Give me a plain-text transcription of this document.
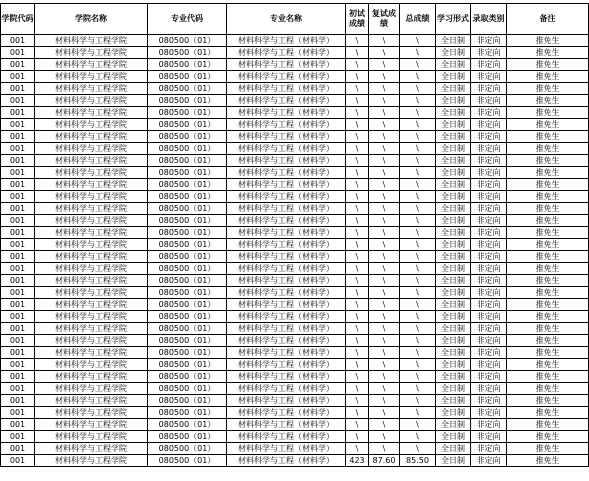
学院代码	学院名称	专业代码	专业名称	初试成绩	复试成绩	总成绩	学习形式	录取类别	备注
001	材料科学与工程学院	080500（01）	材料科学与工程（材料学）	\	\	\	全日制	非定向	推免生
001	材料科学与工程学院	080500（01）	材料科学与工程（材料学）	\	\	\	全日制	非定向	推免生
001	材料科学与工程学院	080500（01）	材料科学与工程（材料学）	\	\	\	全日制	非定向	推免生
001	材料科学与工程学院	080500（01）	材料科学与工程（材料学）	\	\	\	全日制	非定向	推免生
001	材料科学与工程学院	080500（01）	材料科学与工程（材料学）	\	\	\	全日制	非定向	推免生
001	材料科学与工程学院	080500（01）	材料科学与工程（材料学）	\	\	\	全日制	非定向	推免生
001	材料科学与工程学院	080500（01）	材料科学与工程（材料学）	\	\	\	全日制	非定向	推免生
001	材料科学与工程学院	080500（01）	材料科学与工程（材料学）	\	\	\	全日制	非定向	推免生
001	材料科学与工程学院	080500（01）	材料科学与工程（材料学）	\	\	\	全日制	非定向	推免生
001	材料科学与工程学院	080500（01）	材料科学与工程（材料学）	\	\	\	全日制	非定向	推免生
001	材料科学与工程学院	080500（01）	材料科学与工程（材料学）	\	\	\	全日制	非定向	推免生
001	材料科学与工程学院	080500（01）	材料科学与工程（材料学）	\	\	\	全日制	非定向	推免生
001	材料科学与工程学院	080500（01）	材料科学与工程（材料学）	\	\	\	全日制	非定向	推免生
001	材料科学与工程学院	080500（01）	材料科学与工程（材料学）	\	\	\	全日制	非定向	推免生
001	材料科学与工程学院	080500（01）	材料科学与工程（材料学）	\	\	\	全日制	非定向	推免生
001	材料科学与工程学院	080500（01）	材料科学与工程（材料学）	\	\	\	全日制	非定向	推免生
001	材料科学与工程学院	080500（01）	材料科学与工程（材料学）	\	\	\	全日制	非定向	推免生
001	材料科学与工程学院	080500（01）	材料科学与工程（材料学）	\	\	\	全日制	非定向	推免生
001	材料科学与工程学院	080500（01）	材料科学与工程（材料学）	\	\	\	全日制	非定向	推免生
001	材料科学与工程学院	080500（01）	材料科学与工程（材料学）	\	\	\	全日制	非定向	推免生
001	材料科学与工程学院	080500（01）	材料科学与工程（材料学）	\	\	\	全日制	非定向	推免生
001	材料科学与工程学院	080500（01）	材料科学与工程（材料学）	\	\	\	全日制	非定向	推免生
001	材料科学与工程学院	080500（01）	材料科学与工程（材料学）	\	\	\	全日制	非定向	推免生
001	材料科学与工程学院	080500（01）	材料科学与工程（材料学）	\	\	\	全日制	非定向	推免生
001	材料科学与工程学院	080500（01）	材料科学与工程（材料学）	\	\	\	全日制	非定向	推免生
001	材料科学与工程学院	080500（01）	材料科学与工程（材料学）	\	\	\	全日制	非定向	推免生
001	材料科学与工程学院	080500（01）	材料科学与工程（材料学）	\	\	\	全日制	非定向	推免生
001	材料科学与工程学院	080500（01）	材料科学与工程（材料学）	\	\	\	全日制	非定向	推免生
001	材料科学与工程学院	080500（01）	材料科学与工程（材料学）	\	\	\	全日制	非定向	推免生
001	材料科学与工程学院	080500（01）	材料科学与工程（材料学）	\	\	\	全日制	非定向	推免生
001	材料科学与工程学院	080500（01）	材料科学与工程（材料学）	\	\	\	全日制	非定向	推免生
001	材料科学与工程学院	080500（01）	材料科学与工程（材料学）	\	\	\	全日制	非定向	推免生
001	材料科学与工程学院	080500（01）	材料科学与工程（材料学）	\	\	\	全日制	非定向	推免生
001	材料科学与工程学院	080500（01）	材料科学与工程（材料学）	\	\	\	全日制	非定向	推免生
001	材料科学与工程学院	080500（01）	材料科学与工程（材料学）	\	\	\	全日制	非定向	推免生
001	材料科学与工程学院	080500（01）	材料科学与工程（材料学）	423	87.60	85.50	全日制	非定向	推免生
